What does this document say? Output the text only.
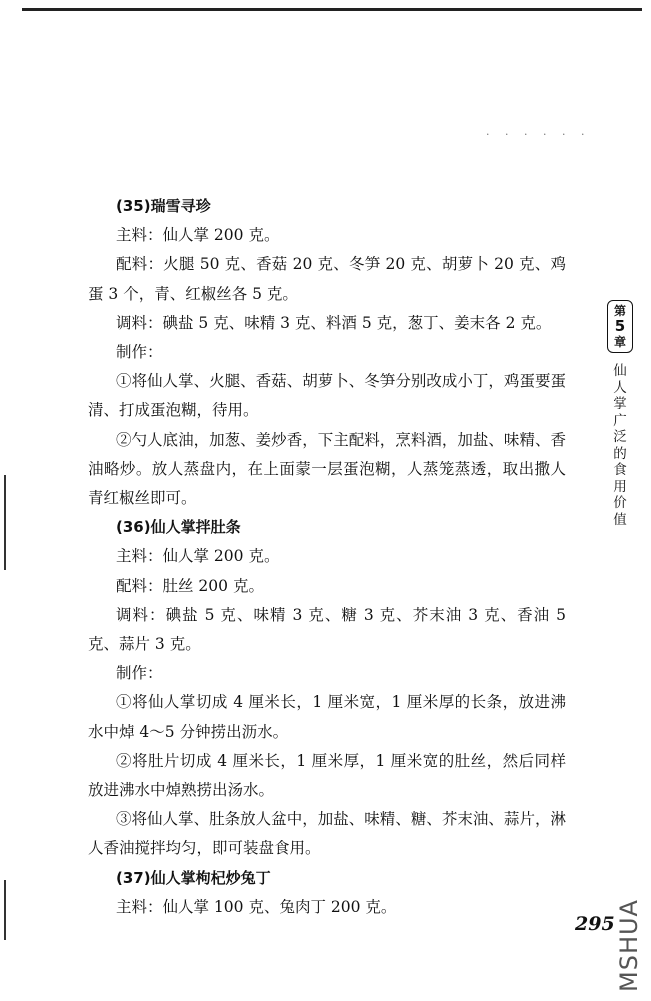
· · · · · ·

(35)瑞雪寻珍

主料：仙人掌 200 克。

配料：火腿 50 克、香菇 20 克、冬笋 20 克、胡萝卜 20 克、鸡蛋 3 个，青、红椒丝各 5 克。

调料：碘盐 5 克、味精 3 克、料酒 5 克，葱丁、姜末各 2 克。

制作：

①将仙人掌、火腿、香菇、胡萝卜、冬笋分别改成小丁，鸡蛋要蛋清、打成蛋泡糊，待用。

②勺人底油，加葱、姜炒香，下主配料，烹料酒，加盐、味精、香油略炒。放人蒸盘内，在上面蒙一层蛋泡糊，人蒸笼蒸透，取出撒人青红椒丝即可。

(36)仙人掌拌肚条

主料：仙人掌 200 克。

配料：肚丝 200 克。

调料：碘盐 5 克、味精 3 克、糖 3 克、芥末油 3 克、香油 5 克、蒜片 3 克。

制作：

①将仙人掌切成 4 厘米长，1 厘米宽，1 厘米厚的长条，放进沸水中焯 4～5 分钟捞出沥水。

②将肚片切成 4 厘米长，1 厘米厚，1 厘米宽的肚丝，然后同样放进沸水中焯熟捞出汤水。

③将仙人掌、肚条放人盆中，加盐、味精、糖、芥末油、蒜片，淋人香油搅拌均匀，即可装盘食用。

(37)仙人掌枸杞炒兔丁

主料：仙人掌 100 克、兔肉丁 200 克。

第
5
章
仙
人
掌
广
泛
的
食
用
价
值
295 MSHUA
